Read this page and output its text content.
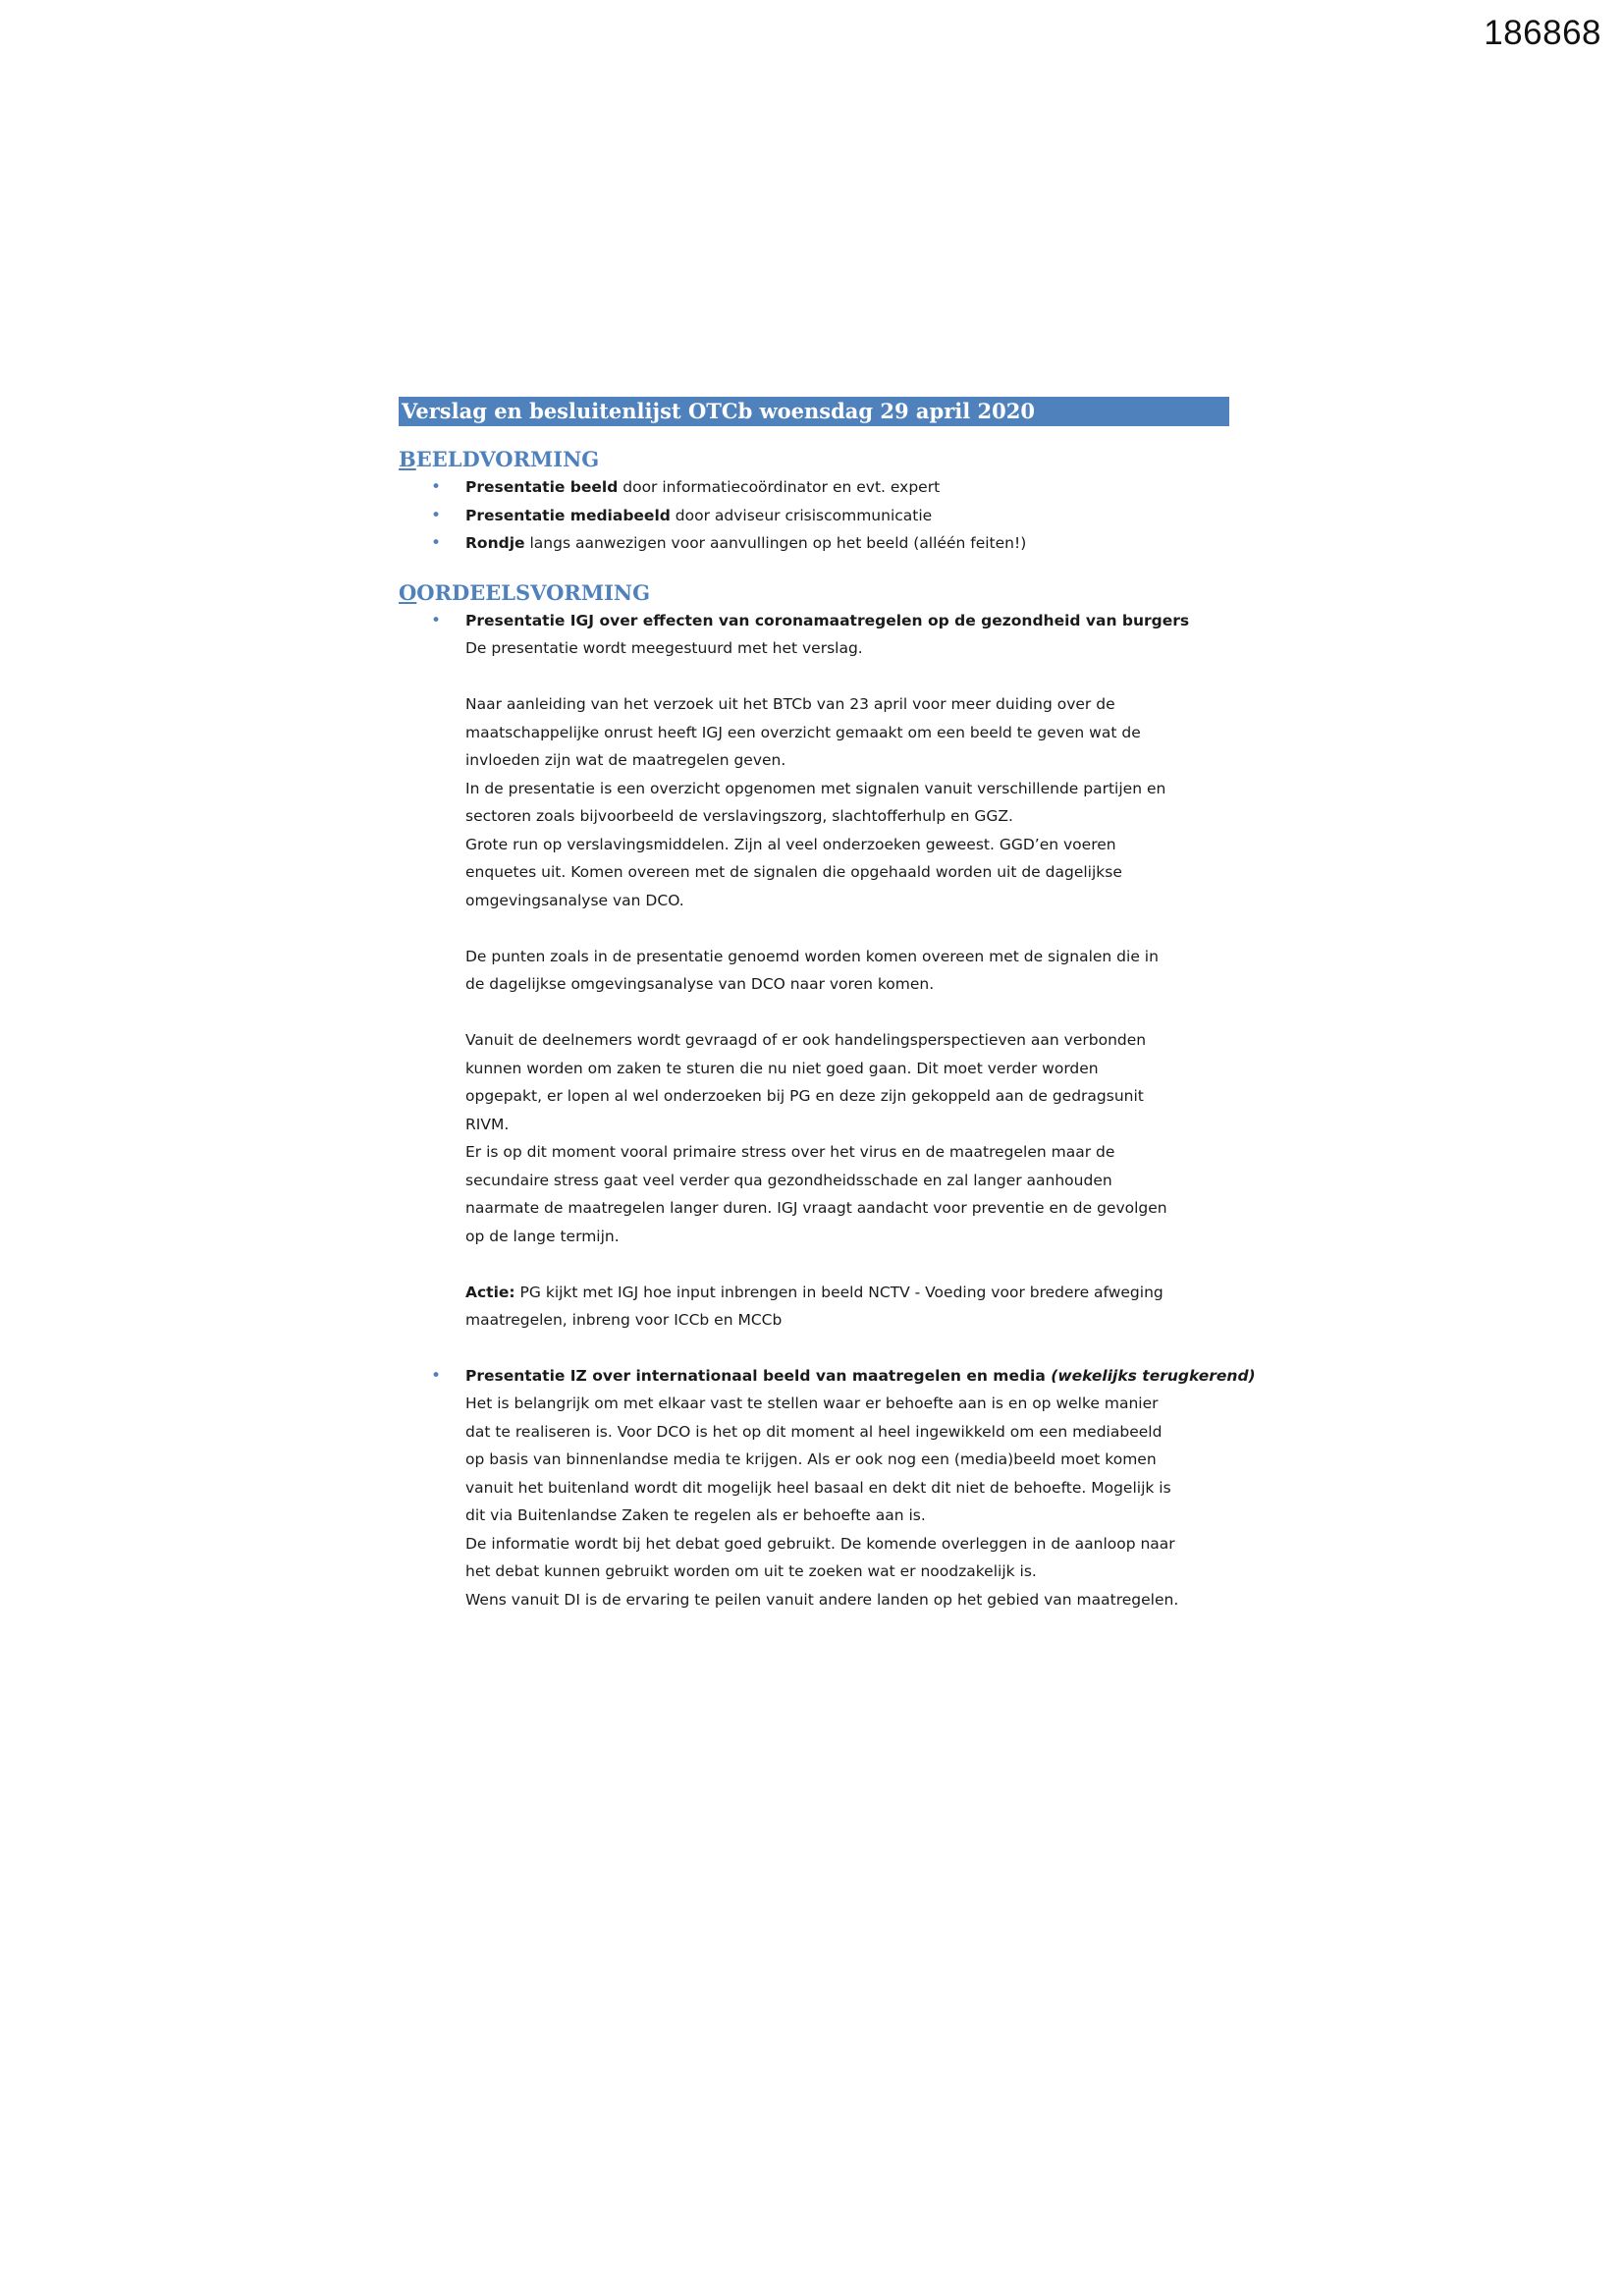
186868
Verslag en besluitenlijst OTCb woensdag 29 april 2020
BEELDVORMING
• Presentatie beeld door informatiecoördinator en evt. expert
• Presentatie mediabeeld door adviseur crisiscommunicatie
• Rondje langs aanwezigen voor aanvullingen op het beeld (alléén feiten!)
OORDEELSVORMING
• Presentatie IGJ over effecten van coronamaatregelen op de gezondheid van burgers

De presentatie wordt meegestuurd met het verslag.

Naar aanleiding van het verzoek uit het BTCb van 23 april voor meer duiding over de

maatschappelijke onrust heeft IGJ een overzicht gemaakt om een beeld te geven wat de

invloeden zijn wat de maatregelen geven.

In de presentatie is een overzicht opgenomen met signalen vanuit verschillende partijen en

sectoren zoals bijvoorbeeld de verslavingszorg, slachtofferhulp en GGZ.

Grote run op verslavingsmiddelen. Zijn al veel onderzoeken geweest. GGD’en voeren

enquetes uit. Komen overeen met de signalen die opgehaald worden uit de dagelijkse

omgevingsanalyse van DCO.

De punten zoals in de presentatie genoemd worden komen overeen met de signalen die in

de dagelijkse omgevingsanalyse van DCO naar voren komen.

Vanuit de deelnemers wordt gevraagd of er ook handelingsperspectieven aan verbonden

kunnen worden om zaken te sturen die nu niet goed gaan. Dit moet verder worden

opgepakt, er lopen al wel onderzoeken bij PG en deze zijn gekoppeld aan de gedragsunit

RIVM.

Er is op dit moment vooral primaire stress over het virus en de maatregelen maar de

secundaire stress gaat veel verder qua gezondheidsschade en zal langer aanhouden

naarmate de maatregelen langer duren. IGJ vraagt aandacht voor preventie en de gevolgen

op de lange termijn.

Actie: PG kijkt met IGJ hoe input inbrengen in beeld NCTV - Voeding voor bredere afweging

maatregelen, inbreng voor ICCb en MCCb

• Presentatie IZ over internationaal beeld van maatregelen en media (wekelijks terugkerend)

Het is belangrijk om met elkaar vast te stellen waar er behoefte aan is en op welke manier

dat te realiseren is. Voor DCO is het op dit moment al heel ingewikkeld om een mediabeeld

op basis van binnenlandse media te krijgen. Als er ook nog een (media)beeld moet komen

vanuit het buitenland wordt dit mogelijk heel basaal en dekt dit niet de behoefte. Mogelijk is

dit via Buitenlandse Zaken te regelen als er behoefte aan is.

De informatie wordt bij het debat goed gebruikt. De komende overleggen in de aanloop naar

het debat kunnen gebruikt worden om uit te zoeken wat er noodzakelijk is.

Wens vanuit DI is de ervaring te peilen vanuit andere landen op het gebied van maatregelen.
